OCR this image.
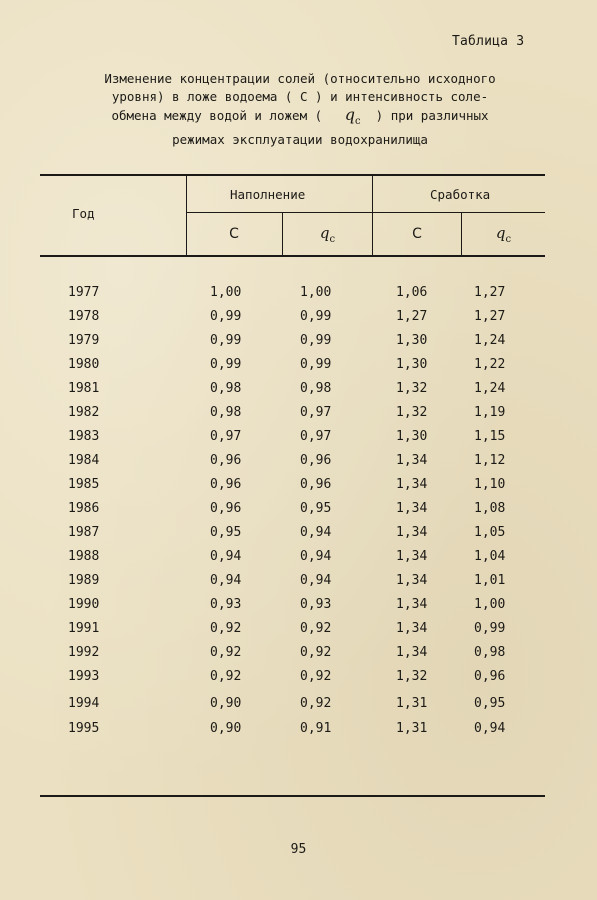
Таблица 3
Изменение концентрации солей (относительно исходного
уровня) в ложе водоема ( С ) и интенсивность соле-
обмена между водой и ложем ( $q_c$ ) при различных
режимах эксплуатации водохранилища
Год
Наполнение	Сработка
С	$q_c$	С	$q_c$
1977	1,00	1,00	1,06	1,27
1978	0,99	0,99	1,27	1,27
1979	0,99	0,99	1,30	1,24
1980	0,99	0,99	1,30	1,22
1981	0,98	0,98	1,32	1,24
1982	0,98	0,97	1,32	1,19
1983	0,97	0,97	1,30	1,15
1984	0,96	0,96	1,34	1,12
1985	0,96	0,96	1,34	1,10
1986	0,96	0,95	1,34	1,08
1987	0,95	0,94	1,34	1,05
1988	0,94	0,94	1,34	1,04
1989	0,94	0,94	1,34	1,01
1990	0,93	0,93	1,34	1,00
1991	0,92	0,92	1,34	0,99
1992	0,92	0,92	1,34	0,98
1993	0,92	0,92	1,32	0,96
1994	0,90	0,92	1,31	0,95
1995	0,90	0,91	1,31	0,94
95
